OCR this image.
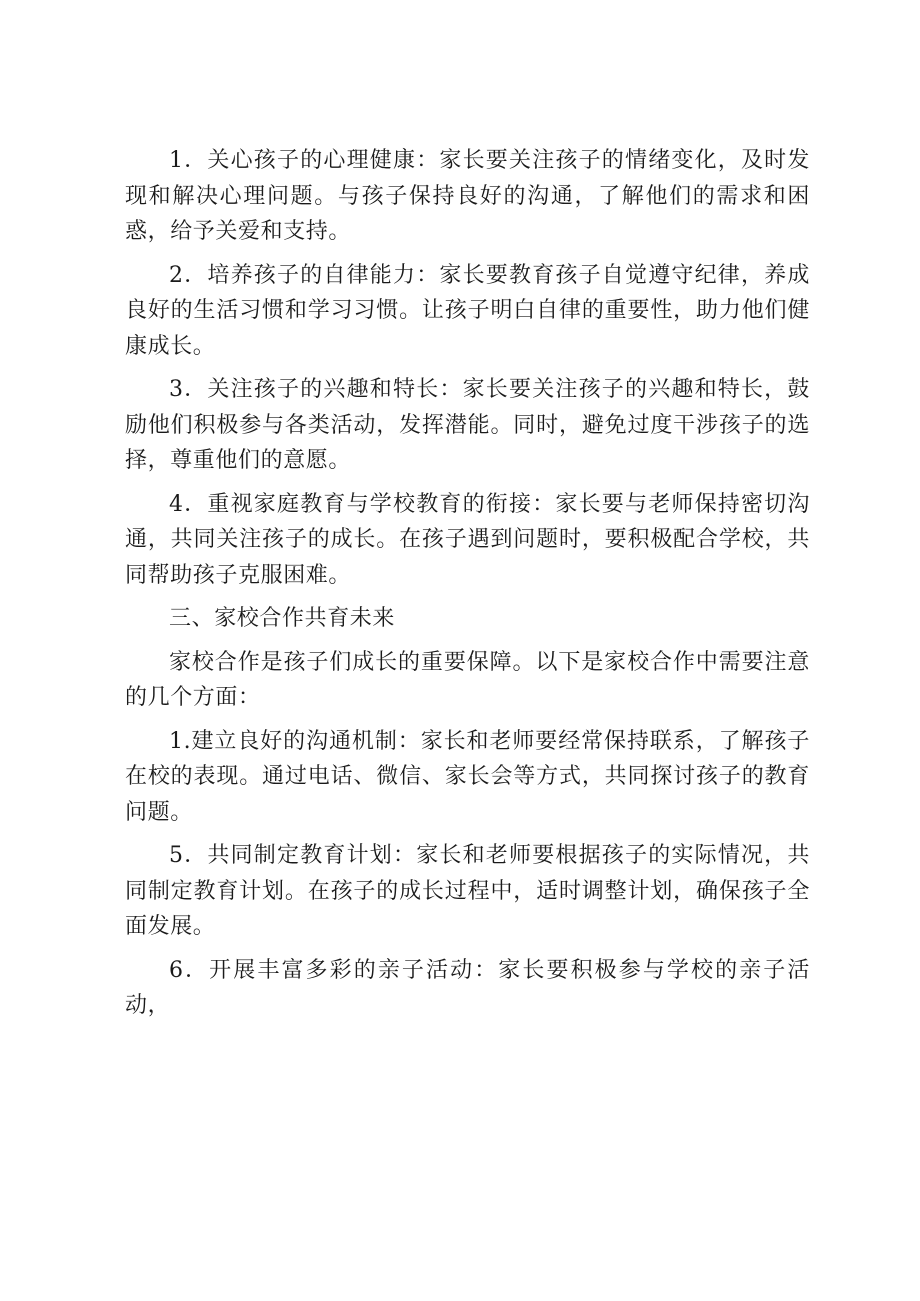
1．关心孩子的心理健康：家长要关注孩子的情绪变化，及时发现和解决心理问题。与孩子保持良好的沟通，了解他们的需求和困惑，给予关爱和支持。

2．培养孩子的自律能力：家长要教育孩子自觉遵守纪律，养成良好的生活习惯和学习习惯。让孩子明白自律的重要性，助力他们健康成长。

3．关注孩子的兴趣和特长：家长要关注孩子的兴趣和特长，鼓励他们积极参与各类活动，发挥潜能。同时，避免过度干涉孩子的选择，尊重他们的意愿。

4．重视家庭教育与学校教育的衔接：家长要与老师保持密切沟通，共同关注孩子的成长。在孩子遇到问题时，要积极配合学校，共同帮助孩子克服困难。

三、家校合作共育未来

家校合作是孩子们成长的重要保障。以下是家校合作中需要注意的几个方面：

1.建立良好的沟通机制：家长和老师要经常保持联系，了解孩子在校的表现。通过电话、微信、家长会等方式，共同探讨孩子的教育问题。

5．共同制定教育计划：家长和老师要根据孩子的实际情况，共同制定教育计划。在孩子的成长过程中，适时调整计划，确保孩子全面发展。

6．开展丰富多彩的亲子活动：家长要积极参与学校的亲子活动，
